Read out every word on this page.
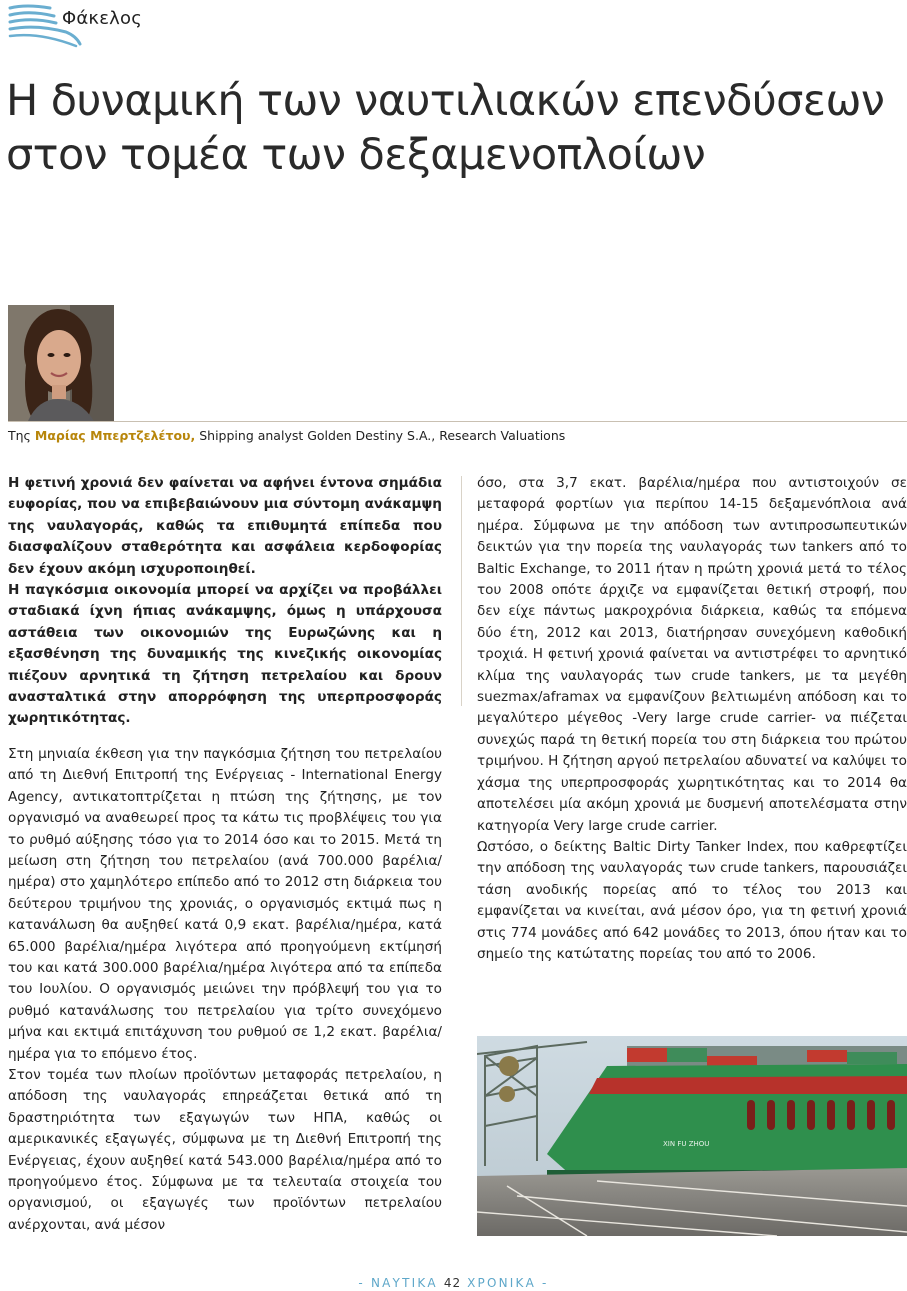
Φάκελος
Η δυναμική των ναυτιλιακών επενδύσεων
στον τομέα των δεξαμενοπλοίων
Της Μαρίας Μπερτζελέτου, Shipping analyst Golden Destiny S.A., Research Valuations

Η φετινή χρονιά δεν φαίνεται να αφήνει έντονα σημάδια ευφορίας, που να επιβεβαιώνουν μια σύντομη ανάκαμψη της ναυλαγοράς, καθώς τα επιθυμητά επίπεδα που διασφαλίζουν σταθερότητα και ασφάλεια κερδοφορίας δεν έχουν ακόμη ισχυροποιηθεί.

Η παγκόσμια οικονομία μπορεί να αρχίζει να προβάλλει σταδιακά ίχνη ήπιας ανάκαμψης, όμως η υπάρχουσα αστάθεια των οικονομιών της Ευρωζώνης και η εξασθένηση της δυναμικής της κινεζικής οικονομίας πιέζουν αρνητικά τη ζήτηση πετρελαίου και δρουν ανασταλτικά στην απορρόφηση της υπερπροσφοράς χωρητικότητας.

Στη μηνιαία έκθεση για την παγκόσμια ζήτηση του πετρελαίου από τη Διεθνή Επιτροπή της Ενέργειας - International Energy Agency, αντικατοπτρίζεται η πτώση της ζήτησης, με τον οργανισμό να αναθεωρεί προς τα κάτω τις προβλέψεις του για το ρυθμό αύξησης τόσο για το 2014 όσο και το 2015. Μετά τη μείωση στη ζήτηση του πετρελαίου (ανά 700.000 βαρέλια/ημέρα) στο χαμηλότερο επίπεδο από το 2012 στη διάρκεια του δεύτερου τριμήνου της χρονιάς, ο οργανισμός εκτιμά πως η κατανάλωση θα αυξηθεί κατά 0,9 εκατ. βαρέλια/ημέρα, κατά 65.000 βαρέλια/ημέρα λιγότερα από προηγούμενη εκτίμησή του και κατά 300.000 βαρέλια/ημέρα λιγότερα από τα επίπεδα του Ιουλίου. Ο οργανισμός μειώνει την πρόβλεψή του για το ρυθμό κατανάλωσης του πετρελαίου για τρίτο συνεχόμενο μήνα και εκτιμά επιτάχυνση του ρυθμού σε 1,2 εκατ. βαρέλια/ημέρα για το επόμενο έτος.

Στον τομέα των πλοίων προϊόντων μεταφοράς πετρελαίου, η απόδοση της ναυλαγοράς επηρεάζεται θετικά από τη δραστηριότητα των εξαγωγών των ΗΠΑ, καθώς οι αμερικανικές εξαγωγές, σύμφωνα με τη Διεθνή Επιτροπή της Ενέργειας, έχουν αυξηθεί κατά 543.000 βαρέλια/ημέρα από το προηγούμενο έτος. Σύμφωνα με τα τελευταία στοιχεία του οργανισμού, οι εξαγωγές των προϊόντων πετρελαίου ανέρχονται, ανά μέσον

όσο, στα 3,7 εκατ. βαρέλια/ημέρα που αντιστοιχούν σε μεταφορά φορτίων για περίπου 14-15 δεξαμενόπλοια ανά ημέρα. Σύμφωνα με την απόδοση των αντιπροσωπευτικών δεικτών για την πορεία της ναυλαγοράς των tankers από το Baltic Exchange, το 2011 ήταν η πρώτη χρονιά μετά το τέλος του 2008 οπότε άρχιζε να εμφανίζεται θετική στροφή, που δεν είχε πάντως μακροχρόνια διάρκεια, καθώς τα επόμενα δύο έτη, 2012 και 2013, διατήρησαν συνεχόμενη καθοδική τροχιά. Η φετινή χρονιά φαίνεται να αντιστρέφει το αρνητικό κλίμα της ναυλαγοράς των crude tankers, με τα μεγέθη suezmax/aframax να εμφανίζουν βελτιωμένη απόδοση και το μεγαλύτερο μέγεθος -Very large crude carrier- να πιέζεται συνεχώς παρά τη θετική πορεία του στη διάρκεια του πρώτου τριμήνου. Η ζήτηση αργού πετρελαίου αδυνατεί να καλύψει το χάσμα της υπερπροσφοράς χωρητικότητας και το 2014 θα αποτελέσει μία ακόμη χρονιά με δυσμενή αποτελέσματα στην κατηγορία Very large crude carrier.

Ωστόσο, ο δείκτης Baltic Dirty Tanker Index, που καθρεφτίζει την απόδοση της ναυλαγοράς των crude tankers, παρουσιάζει τάση ανοδικής πορείας από το τέλος του 2013 και εμφανίζεται να κινείται, ανά μέσον όρο, για τη φετινή χρονιά στις 774 μονάδες από 642 μονάδες το 2013, όπου ήταν και το σημείο της κατώτατης πορείας του από το 2006.

XIN FU ZHOU
- ΝΑΥΤΙΚΑ 42 ΧΡΟΝΙΚΑ -
